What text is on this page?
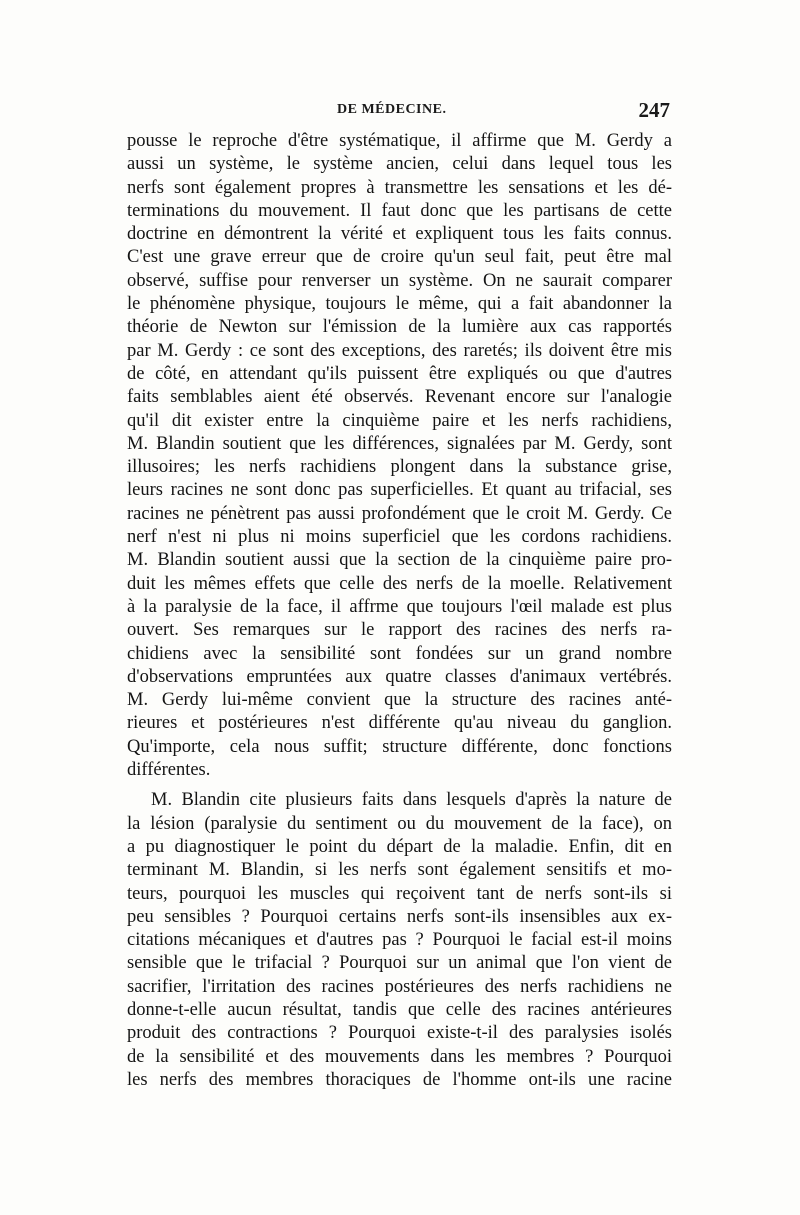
DE MÉDECINE.	247
pousse le reproche d'être systématique, il affirme que M. Gerdy a
aussi un système, le système ancien, celui dans lequel tous les
nerfs sont également propres à transmettre les sensations et les dé-
terminations du mouvement. Il faut donc que les partisans de cette
doctrine en démontrent la vérité et expliquent tous les faits connus.
C'est une grave erreur que de croire qu'un seul fait, peut être mal
observé, suffise pour renverser un système. On ne saurait comparer
le phénomène physique, toujours le même, qui a fait abandonner la
théorie de Newton sur l'émission de la lumière aux cas rapportés
par M. Gerdy : ce sont des exceptions, des raretés; ils doivent être mis
de côté, en attendant qu'ils puissent être expliqués ou que d'autres
faits semblables aient été observés. Revenant encore sur l'analogie
qu'il dit exister entre la cinquième paire et les nerfs rachidiens,
M. Blandin soutient que les différences, signalées par M. Gerdy, sont
illusoires; les nerfs rachidiens plongent dans la substance grise,
leurs racines ne sont donc pas superficielles. Et quant au trifacial, ses
racines ne pénètrent pas aussi profondément que le croit M. Gerdy. Ce
nerf n'est ni plus ni moins superficiel que les cordons rachidiens.
M. Blandin soutient aussi que la section de la cinquième paire pro-
duit les mêmes effets que celle des nerfs de la moelle. Relativement
à la paralysie de la face, il affrme que toujours l'œil malade est plus
ouvert. Ses remarques sur le rapport des racines des nerfs ra-
chidiens avec la sensibilité sont fondées sur un grand nombre
d'observations empruntées aux quatre classes d'animaux vertébrés.
M. Gerdy lui-même convient que la structure des racines anté-
rieures et postérieures n'est différente qu'au niveau du ganglion.
Qu'importe, cela nous suffit; structure différente, donc fonctions
différentes.
M. Blandin cite plusieurs faits dans lesquels d'après la nature de
la lésion (paralysie du sentiment ou du mouvement de la face), on
a pu diagnostiquer le point du départ de la maladie. Enfin, dit en
terminant M. Blandin, si les nerfs sont également sensitifs et mo-
teurs, pourquoi les muscles qui reçoivent tant de nerfs sont-ils si
peu sensibles ? Pourquoi certains nerfs sont-ils insensibles aux ex-
citations mécaniques et d'autres pas ? Pourquoi le facial est-il moins
sensible que le trifacial ? Pourquoi sur un animal que l'on vient de
sacrifier, l'irritation des racines postérieures des nerfs rachidiens ne
donne-t-elle aucun résultat, tandis que celle des racines antérieures
produit des contractions ? Pourquoi existe-t-il des paralysies isolés
de la sensibilité et des mouvements dans les membres ? Pourquoi
les nerfs des membres thoraciques de l'homme ont-ils une racine
